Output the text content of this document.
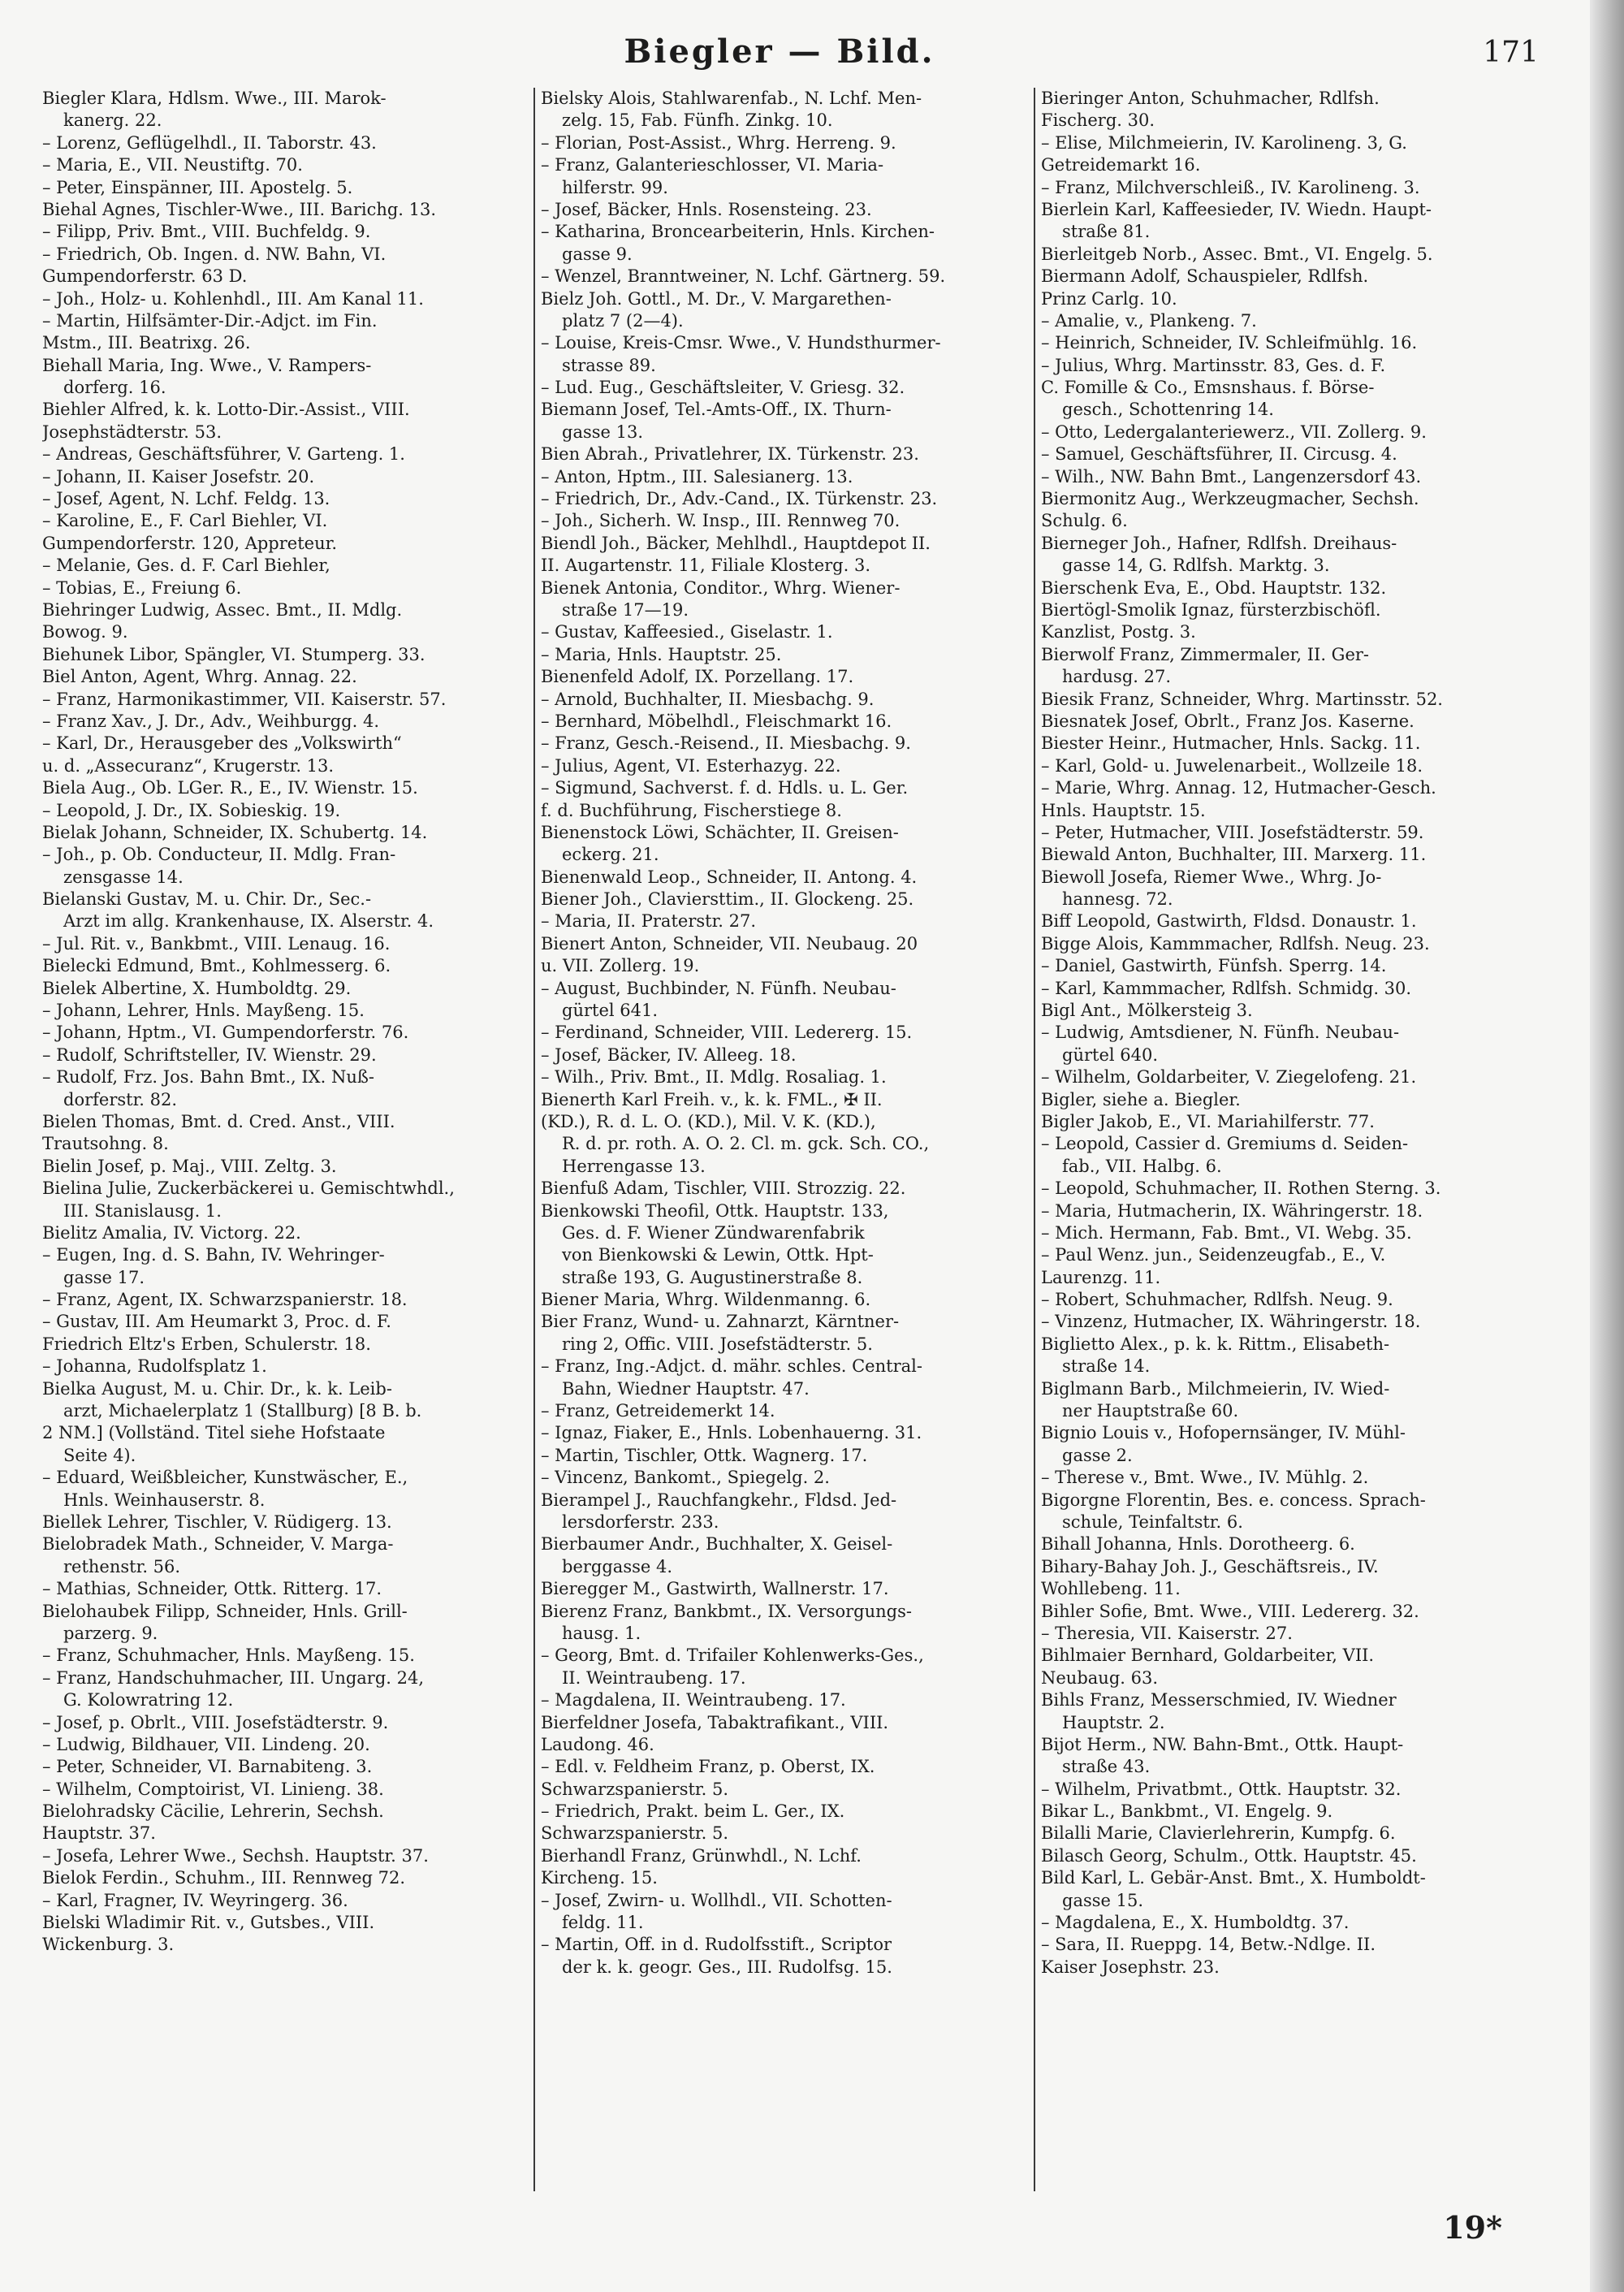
Biegler — Bild.	171
Biegler Klara, Hdlsm. Wwe., III. Marok-
kanerg. 22.
– Lorenz, Geflügelhdl., II. Taborstr. 43.
– Maria, E., VII. Neustiftg. 70.
– Peter, Einspänner, III. Apostelg. 5.
Biehal Agnes, Tischler-Wwe., III. Barichg. 13.
– Filipp, Priv. Bmt., VIII. Buchfeldg. 9.
– Friedrich, Ob. Ingen. d. NW. Bahn, VI.
Gumpendorferstr. 63 D.
– Joh., Holz- u. Kohlenhdl., III. Am Kanal 11.
– Martin, Hilfsämter-Dir.-Adjct. im Fin.
Mstm., III. Beatrixg. 26.
Biehall Maria, Ing. Wwe., V. Rampers-
dorferg. 16.
Biehler Alfred, k. k. Lotto-Dir.-Assist., VIII.
Josephstädterstr. 53.
– Andreas, Geschäftsführer, V. Garteng. 1.
– Johann, II. Kaiser Josefstr. 20.
– Josef, Agent, N. Lchf. Feldg. 13.
– Karoline, E., F. Carl Biehler, VI.
Gumpendorferstr. 120, Appreteur.
– Melanie, Ges. d. F. Carl Biehler,
– Tobias, E., Freiung 6.
Biehringer Ludwig, Assec. Bmt., II. Mdlg.
Bowog. 9.
Biehunek Libor, Spängler, VI. Stumperg. 33.
Biel Anton, Agent, Whrg. Annag. 22.
– Franz, Harmonikastimmer, VII. Kaiserstr. 57.
– Franz Xav., J. Dr., Adv., Weihburgg. 4.
– Karl, Dr., Herausgeber des „Volkswirth“
u. d. „Assecuranz“, Krugerstr. 13.
Biela Aug., Ob. LGer. R., E., IV. Wienstr. 15.
– Leopold, J. Dr., IX. Sobieskig. 19.
Bielak Johann, Schneider, IX. Schubertg. 14.
– Joh., p. Ob. Conducteur, II. Mdlg. Fran-
zensgasse 14.
Bielanski Gustav, M. u. Chir. Dr., Sec.-
Arzt im allg. Krankenhause, IX. Alserstr. 4.
– Jul. Rit. v., Bankbmt., VIII. Lenaug. 16.
Bielecki Edmund, Bmt., Kohlmesserg. 6.
Bielek Albertine, X. Humboldtg. 29.
– Johann, Lehrer, Hnls. Mayßeng. 15.
– Johann, Hptm., VI. Gumpendorferstr. 76.
– Rudolf, Schriftsteller, IV. Wienstr. 29.
– Rudolf, Frz. Jos. Bahn Bmt., IX. Nuß-
dorferstr. 82.
Bielen Thomas, Bmt. d. Cred. Anst., VIII.
Trautsohng. 8.
Bielin Josef, p. Maj., VIII. Zeltg. 3.
Bielina Julie, Zuckerbäckerei u. Gemischtwhdl.,
III. Stanislausg. 1.
Bielitz Amalia, IV. Victorg. 22.
– Eugen, Ing. d. S. Bahn, IV. Wehringer-
gasse 17.
– Franz, Agent, IX. Schwarzspanierstr. 18.
– Gustav, III. Am Heumarkt 3, Proc. d. F.
Friedrich Eltz's Erben, Schulerstr. 18.
– Johanna, Rudolfsplatz 1.
Bielka August, M. u. Chir. Dr., k. k. Leib-
arzt, Michaelerplatz 1 (Stallburg) [8 B. b.
2 NM.] (Vollständ. Titel siehe Hofstaate
Seite 4).
– Eduard, Weißbleicher, Kunstwäscher, E.,
Hnls. Weinhauserstr. 8.
Biellek Lehrer, Tischler, V. Rüdigerg. 13.
Bielobradek Math., Schneider, V. Marga-
rethenstr. 56.
– Mathias, Schneider, Ottk. Ritterg. 17.
Bielohaubek Filipp, Schneider, Hnls. Grill-
parzerg. 9.
– Franz, Schuhmacher, Hnls. Mayßeng. 15.
– Franz, Handschuhmacher, III. Ungarg. 24,
G. Kolowratring 12.
– Josef, p. Obrlt., VIII. Josefstädterstr. 9.
– Ludwig, Bildhauer, VII. Lindeng. 20.
– Peter, Schneider, VI. Barnabiteng. 3.
– Wilhelm, Comptoirist, VI. Linieng. 38.
Bielohradsky Cäcilie, Lehrerin, Sechsh.
Hauptstr. 37.
– Josefa, Lehrer Wwe., Sechsh. Hauptstr. 37.
Bielok Ferdin., Schuhm., III. Rennweg 72.
– Karl, Fragner, IV. Weyringerg. 36.
Bielski Wladimir Rit. v., Gutsbes., VIII.
Wickenburg. 3.
Bielsky Alois, Stahlwarenfab., N. Lchf. Men-
zelg. 15, Fab. Fünfh. Zinkg. 10.
– Florian, Post-Assist., Whrg. Herreng. 9.
– Franz, Galanterieschlosser, VI. Maria-
hilferstr. 99.
– Josef, Bäcker, Hnls. Rosensteing. 23.
– Katharina, Broncearbeiterin, Hnls. Kirchen-
gasse 9.
– Wenzel, Branntweiner, N. Lchf. Gärtnerg. 59.
Bielz Joh. Gottl., M. Dr., V. Margarethen-
platz 7 (2—4).
– Louise, Kreis-Cmsr. Wwe., V. Hundsthurmer-
strasse 89.
– Lud. Eug., Geschäftsleiter, V. Griesg. 32.
Biemann Josef, Tel.-Amts-Off., IX. Thurn-
gasse 13.
Bien Abrah., Privatlehrer, IX. Türkenstr. 23.
– Anton, Hptm., III. Salesianerg. 13.
– Friedrich, Dr., Adv.-Cand., IX. Türkenstr. 23.
– Joh., Sicherh. W. Insp., III. Rennweg 70.
Biendl Joh., Bäcker, Mehlhdl., Hauptdepot II.
II. Augartenstr. 11, Filiale Klosterg. 3.
Bienek Antonia, Conditor., Whrg. Wiener-
straße 17—19.
– Gustav, Kaffeesied., Giselastr. 1.
– Maria, Hnls. Hauptstr. 25.
Bienenfeld Adolf, IX. Porzellang. 17.
– Arnold, Buchhalter, II. Miesbachg. 9.
– Bernhard, Möbelhdl., Fleischmarkt 16.
– Franz, Gesch.-Reisend., II. Miesbachg. 9.
– Julius, Agent, VI. Esterhazyg. 22.
– Sigmund, Sachverst. f. d. Hdls. u. L. Ger.
f. d. Buchführung, Fischerstiege 8.
Bienenstock Löwi, Schächter, II. Greisen-
eckerg. 21.
Bienenwald Leop., Schneider, II. Antong. 4.
Biener Joh., Claviersttim., II. Glockeng. 25.
– Maria, II. Praterstr. 27.
Bienert Anton, Schneider, VII. Neubaug. 20
u. VII. Zollerg. 19.
– August, Buchbinder, N. Fünfh. Neubau-
gürtel 641.
– Ferdinand, Schneider, VIII. Ledererg. 15.
– Josef, Bäcker, IV. Alleeg. 18.
– Wilh., Priv. Bmt., II. Mdlg. Rosaliag. 1.
Bienerth Karl Freih. v., k. k. FML., ✠ II.
(KD.), R. d. L. O. (KD.), Mil. V. K. (KD.),
R. d. pr. roth. A. O. 2. Cl. m. gck. Sch. CO.,
Herrengasse 13.
Bienfuß Adam, Tischler, VIII. Strozzig. 22.
Bienkowski Theofil, Ottk. Hauptstr. 133,
Ges. d. F. Wiener Zündwarenfabrik
von Bienkowski & Lewin, Ottk. Hpt-
straße 193, G. Augustinerstraße 8.
Biener Maria, Whrg. Wildenmanng. 6.
Bier Franz, Wund- u. Zahnarzt, Kärntner-
ring 2, Offic. VIII. Josefstädterstr. 5.
– Franz, Ing.-Adjct. d. mähr. schles. Central-
Bahn, Wiedner Hauptstr. 47.
– Franz, Getreidemerkt 14.
– Ignaz, Fiaker, E., Hnls. Lobenhauerng. 31.
– Martin, Tischler, Ottk. Wagnerg. 17.
– Vincenz, Bankomt., Spiegelg. 2.
Bierampel J., Rauchfangkehr., Fldsd. Jed-
lersdorferstr. 233.
Bierbaumer Andr., Buchhalter, X. Geisel-
berggasse 4.
Bieregger M., Gastwirth, Wallnerstr. 17.
Bierenz Franz, Bankbmt., IX. Versorgungs-
hausg. 1.
– Georg, Bmt. d. Trifailer Kohlenwerks-Ges.,
II. Weintraubeng. 17.
– Magdalena, II. Weintraubeng. 17.
Bierfeldner Josefa, Tabaktrafikant., VIII.
Laudong. 46.
– Edl. v. Feldheim Franz, p. Oberst, IX.
Schwarzspanierstr. 5.
– Friedrich, Prakt. beim L. Ger., IX.
Schwarzspanierstr. 5.
Bierhandl Franz, Grünwhdl., N. Lchf.
Kircheng. 15.
– Josef, Zwirn- u. Wollhdl., VII. Schotten-
feldg. 11.
– Martin, Off. in d. Rudolfsstift., Scriptor
der k. k. geogr. Ges., III. Rudolfsg. 15.
Bieringer Anton, Schuhmacher, Rdlfsh.
Fischerg. 30.
– Elise, Milchmeierin, IV. Karolineng. 3, G.
Getreidemarkt 16.
– Franz, Milchverschleiß., IV. Karolineng. 3.
Bierlein Karl, Kaffeesieder, IV. Wiedn. Haupt-
straße 81.
Bierleitgeb Norb., Assec. Bmt., VI. Engelg. 5.
Biermann Adolf, Schauspieler, Rdlfsh.
Prinz Carlg. 10.
– Amalie, v., Plankeng. 7.
– Heinrich, Schneider, IV. Schleifmühlg. 16.
– Julius, Whrg. Martinsstr. 83, Ges. d. F.
C. Fomille & Co., Emsnshaus. f. Börse-
gesch., Schottenring 14.
– Otto, Ledergalanteriewerz., VII. Zollerg. 9.
– Samuel, Geschäftsführer, II. Circusg. 4.
– Wilh., NW. Bahn Bmt., Langenzersdorf 43.
Biermonitz Aug., Werkzeugmacher, Sechsh.
Schulg. 6.
Bierneger Joh., Hafner, Rdlfsh. Dreihaus-
gasse 14, G. Rdlfsh. Marktg. 3.
Bierschenk Eva, E., Obd. Hauptstr. 132.
Biertögl-Smolik Ignaz, fürsterzbischöfl.
Kanzlist, Postg. 3.
Bierwolf Franz, Zimmermaler, II. Ger-
hardusg. 27.
Biesik Franz, Schneider, Whrg. Martinsstr. 52.
Biesnatek Josef, Obrlt., Franz Jos. Kaserne.
Biester Heinr., Hutmacher, Hnls. Sackg. 11.
– Karl, Gold- u. Juwelenarbeit., Wollzeile 18.
– Marie, Whrg. Annag. 12, Hutmacher-Gesch.
Hnls. Hauptstr. 15.
– Peter, Hutmacher, VIII. Josefstädterstr. 59.
Biewald Anton, Buchhalter, III. Marxerg. 11.
Biewoll Josefa, Riemer Wwe., Whrg. Jo-
hannesg. 72.
Biff Leopold, Gastwirth, Fldsd. Donaustr. 1.
Bigge Alois, Kammmacher, Rdlfsh. Neug. 23.
– Daniel, Gastwirth, Fünfsh. Sperrg. 14.
– Karl, Kammmacher, Rdlfsh. Schmidg. 30.
Bigl Ant., Mölkersteig 3.
– Ludwig, Amtsdiener, N. Fünfh. Neubau-
gürtel 640.
– Wilhelm, Goldarbeiter, V. Ziegelofeng. 21.
Bigler, siehe a. Biegler.
Bigler Jakob, E., VI. Mariahilferstr. 77.
– Leopold, Cassier d. Gremiums d. Seiden-
fab., VII. Halbg. 6.
– Leopold, Schuhmacher, II. Rothen Sterng. 3.
– Maria, Hutmacherin, IX. Währingerstr. 18.
– Mich. Hermann, Fab. Bmt., VI. Webg. 35.
– Paul Wenz. jun., Seidenzeugfab., E., V.
Laurenzg. 11.
– Robert, Schuhmacher, Rdlfsh. Neug. 9.
– Vinzenz, Hutmacher, IX. Währingerstr. 18.
Biglietto Alex., p. k. k. Rittm., Elisabeth-
straße 14.
Biglmann Barb., Milchmeierin, IV. Wied-
ner Hauptstraße 60.
Bignio Louis v., Hofopernsänger, IV. Mühl-
gasse 2.
– Therese v., Bmt. Wwe., IV. Mühlg. 2.
Bigorgne Florentin, Bes. e. concess. Sprach-
schule, Teinfaltstr. 6.
Bihall Johanna, Hnls. Dorotheerg. 6.
Bihary-Bahay Joh. J., Geschäftsreis., IV.
Wohllebeng. 11.
Bihler Sofie, Bmt. Wwe., VIII. Ledererg. 32.
– Theresia, VII. Kaiserstr. 27.
Bihlmaier Bernhard, Goldarbeiter, VII.
Neubaug. 63.
Bihls Franz, Messerschmied, IV. Wiedner
Hauptstr. 2.
Bijot Herm., NW. Bahn-Bmt., Ottk. Haupt-
straße 43.
– Wilhelm, Privatbmt., Ottk. Hauptstr. 32.
Bikar L., Bankbmt., VI. Engelg. 9.
Bilalli Marie, Clavierlehrerin, Kumpfg. 6.
Bilasch Georg, Schulm., Ottk. Hauptstr. 45.
Bild Karl, L. Gebär-Anst. Bmt., X. Humboldt-
gasse 15.
– Magdalena, E., X. Humboldtg. 37.
– Sara, II. Rueppg. 14, Betw.-Ndlge. II.
Kaiser Josephstr. 23.
19*
